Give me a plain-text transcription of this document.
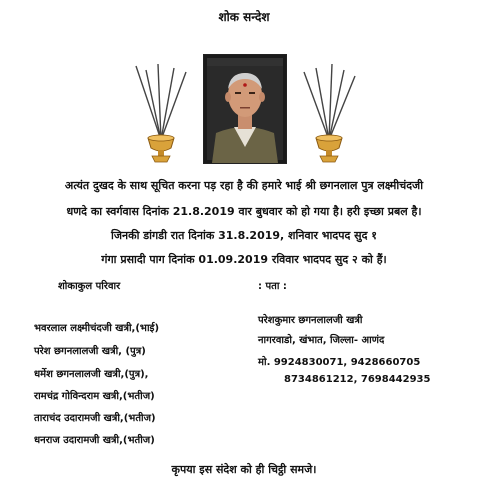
शोक सन्देश
अत्यंत दुखद के साथ सूचित करना पड़ रहा है की हमारे भाई श्री छगनलाल पुत्र लक्ष्मीचंदजी
धणदे का स्वर्गवास दिनांक 21.8.2019 वार बुधवार को हो गया है। हरी इच्छा प्रबल है।
जिनकी डांगडी रात दिनांक 31.8.2019, शनिवार भादपद सुद १
गंगा प्रसादी पाग दिनांक 01.09.2019 रविवार भादपद सुद २ को हैं।
शोकाकुल परिवार	: पता :
भवरलाल लक्ष्मीचंदजी खत्री,(भाई)
परेश छगनलालजी खत्री, (पुत्र)
धर्मेश छगनलालजी खत्री,(पुत्र),
रामचंद्र गोविन्दराम खत्री,(भतीज)
ताराचंद उदारामजी खत्री,(भतीज)
धनराज उदारामजी खत्री,(भतीज)
परेशकुमार छगनलालजी खत्री
नागरवाडो, खंभात, जिल्ला- आणंद
मो. 9924830071, 9428660705
8734861212, 7698442935
कृपया इस संदेश को ही चिट्ठी समजे।
